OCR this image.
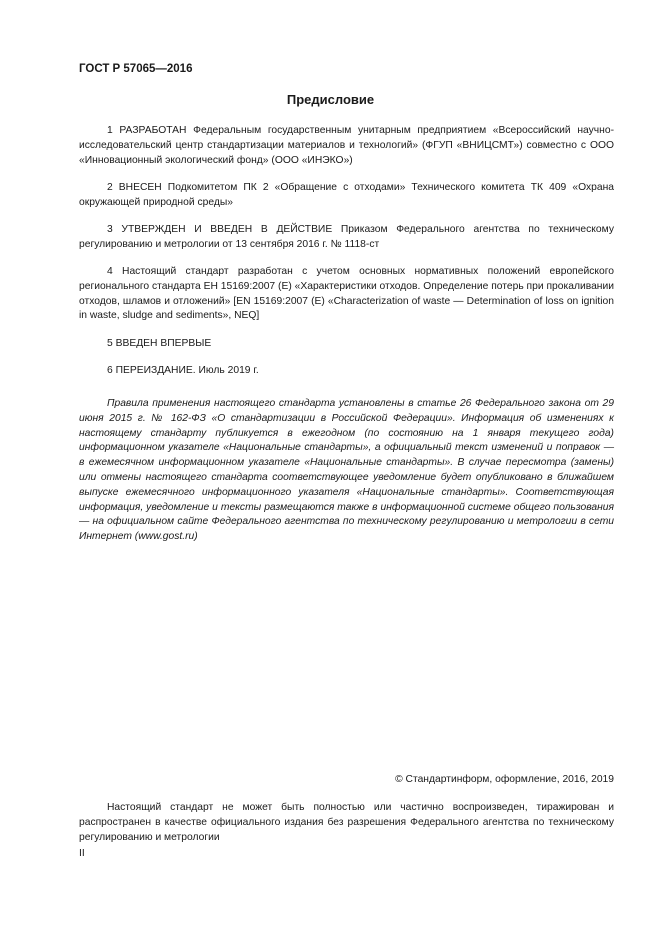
ГОСТ Р 57065—2016
Предисловие

1 РАЗРАБОТАН Федеральным государственным унитарным предприятием «Всероссийский научно-исследовательский центр стандартизации материалов и технологий» (ФГУП «ВНИЦСМТ») совместно с ООО «Инновационный экологический фонд» (ООО «ИНЭКО»)

2 ВНЕСЕН Подкомитетом ПК 2 «Обращение с отходами» Технического комитета ТК 409 «Охрана окружающей природной среды»

3 УТВЕРЖДЕН И ВВЕДЕН В ДЕЙСТВИЕ Приказом Федерального агентства по техническому регулированию и метрологии от 13 сентября 2016 г. № 1118-ст

4 Настоящий стандарт разработан с учетом основных нормативных положений европейского регионального стандарта ЕН 15169:2007 (Е) «Характеристики отходов. Определение потерь при прокаливании отходов, шламов и отложений» [EN 15169:2007 (E) «Characterization of waste — Determination of loss on ignition in waste, sludge and sediments», NEQ]

5 ВВЕДЕН ВПЕРВЫЕ

6 ПЕРЕИЗДАНИЕ. Июль 2019 г.

Правила применения настоящего стандарта установлены в статье 26 Федерального закона от 29 июня 2015 г. № 162-ФЗ «О стандартизации в Российской Федерации». Информация об изменениях к настоящему стандарту публикуется в ежегодном (по состоянию на 1 января текущего года) информационном указателе «Национальные стандарты», а официальный текст изменений и поправок — в ежемесячном информационном указателе «Национальные стандарты». В случае пересмотра (замены) или отмены настоящего стандарта соответствующее уведомление будет опубликовано в ближайшем выпуске ежемесячного информационного указателя «Национальные стандарты». Соответствующая информация, уведомление и тексты размещаются также в информационной системе общего пользования — на официальном сайте Федерального агентства по техническому регулированию и метрологии в сети Интернет (www.gost.ru)

© Стандартинформ, оформление, 2016, 2019

Настоящий стандарт не может быть полностью или частично воспроизведен, тиражирован и распространен в качестве официального издания без разрешения Федерального агентства по техническому регулированию и метрологии

II
